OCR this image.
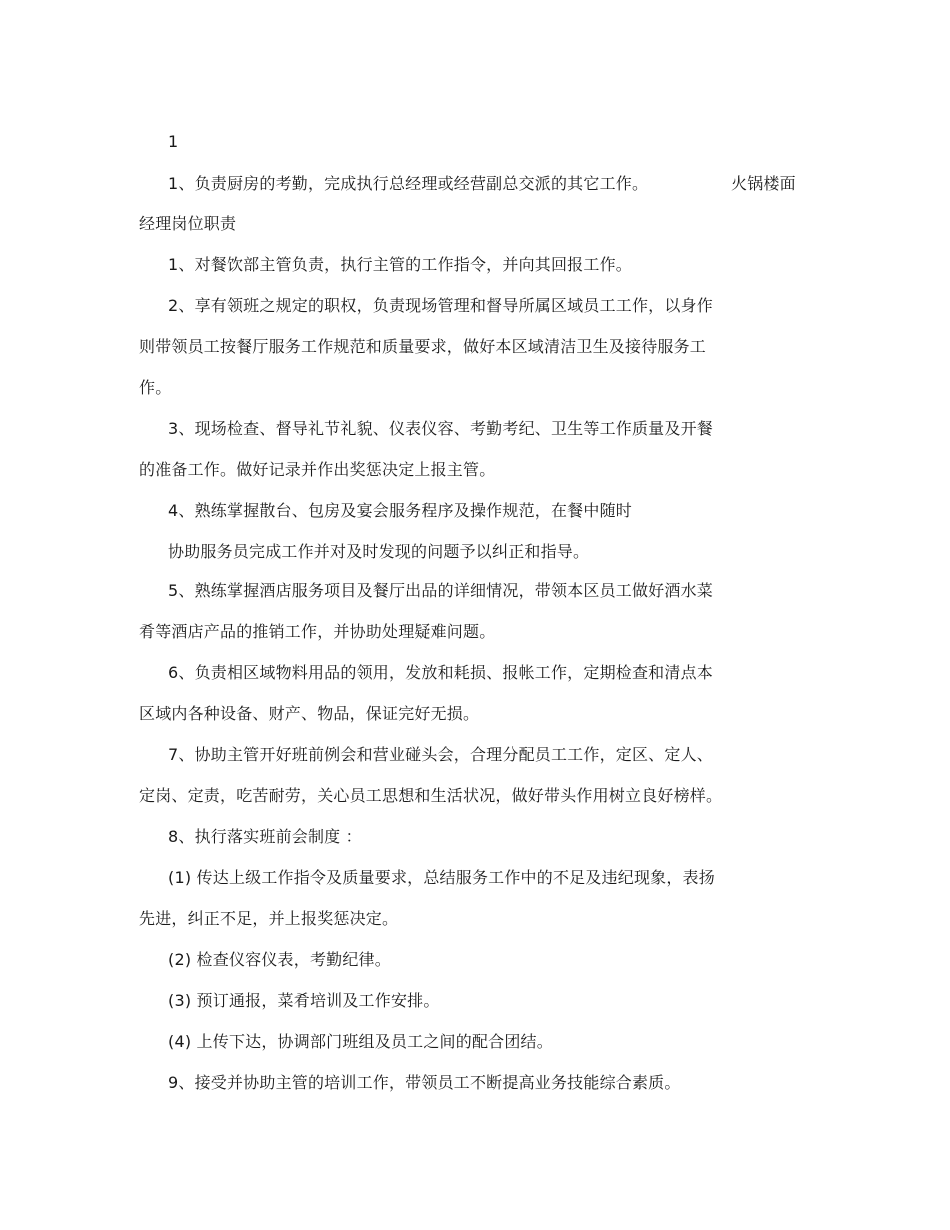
1
1、负责厨房的考勤，完成执行总经理或经营副总交派的其它工作。	火锅楼面
经理岗位职责
1、对餐饮部主管负责，执行主管的工作指令，并向其回报工作。
2、享有领班之规定的职权，负责现场管理和督导所属区域员工工作，以身作
则带领员工按餐厅服务工作规范和质量要求，做好本区域清洁卫生及接待服务工
作。
3、现场检查、督导礼节礼貌、仪表仪容、考勤考纪、卫生等工作质量及开餐
的准备工作。做好记录并作出奖惩决定上报主管。
4、熟练掌握散台、包房及宴会服务程序及操作规范，在餐中随时
协助服务员完成工作并对及时发现的问题予以纠正和指导。
5、熟练掌握酒店服务项目及餐厅出品的详细情况，带领本区员工做好酒水菜
肴等酒店产品的推销工作，并协助处理疑难问题。
6、负责相区域物料用品的领用，发放和耗损、报帐工作，定期检查和清点本
区域内各种设备、财产、物品，保证完好无损。
7、协助主管开好班前例会和营业碰头会，合理分配员工工作，定区、定人、
定岗、定责，吃苦耐劳，关心员工思想和生活状况，做好带头作用树立良好榜样。
8、执行落实班前会制度 ：
(1) 传达上级工作指令及质量要求，总结服务工作中的不足及违纪现象，表扬
先进，纠正不足，并上报奖惩决定。
(2) 检查仪容仪表，考勤纪律。
(3) 预订通报，菜肴培训及工作安排。
(4) 上传下达，协调部门班组及员工之间的配合团结。
9、接受并协助主管的培训工作，带领员工不断提高业务技能综合素质。
